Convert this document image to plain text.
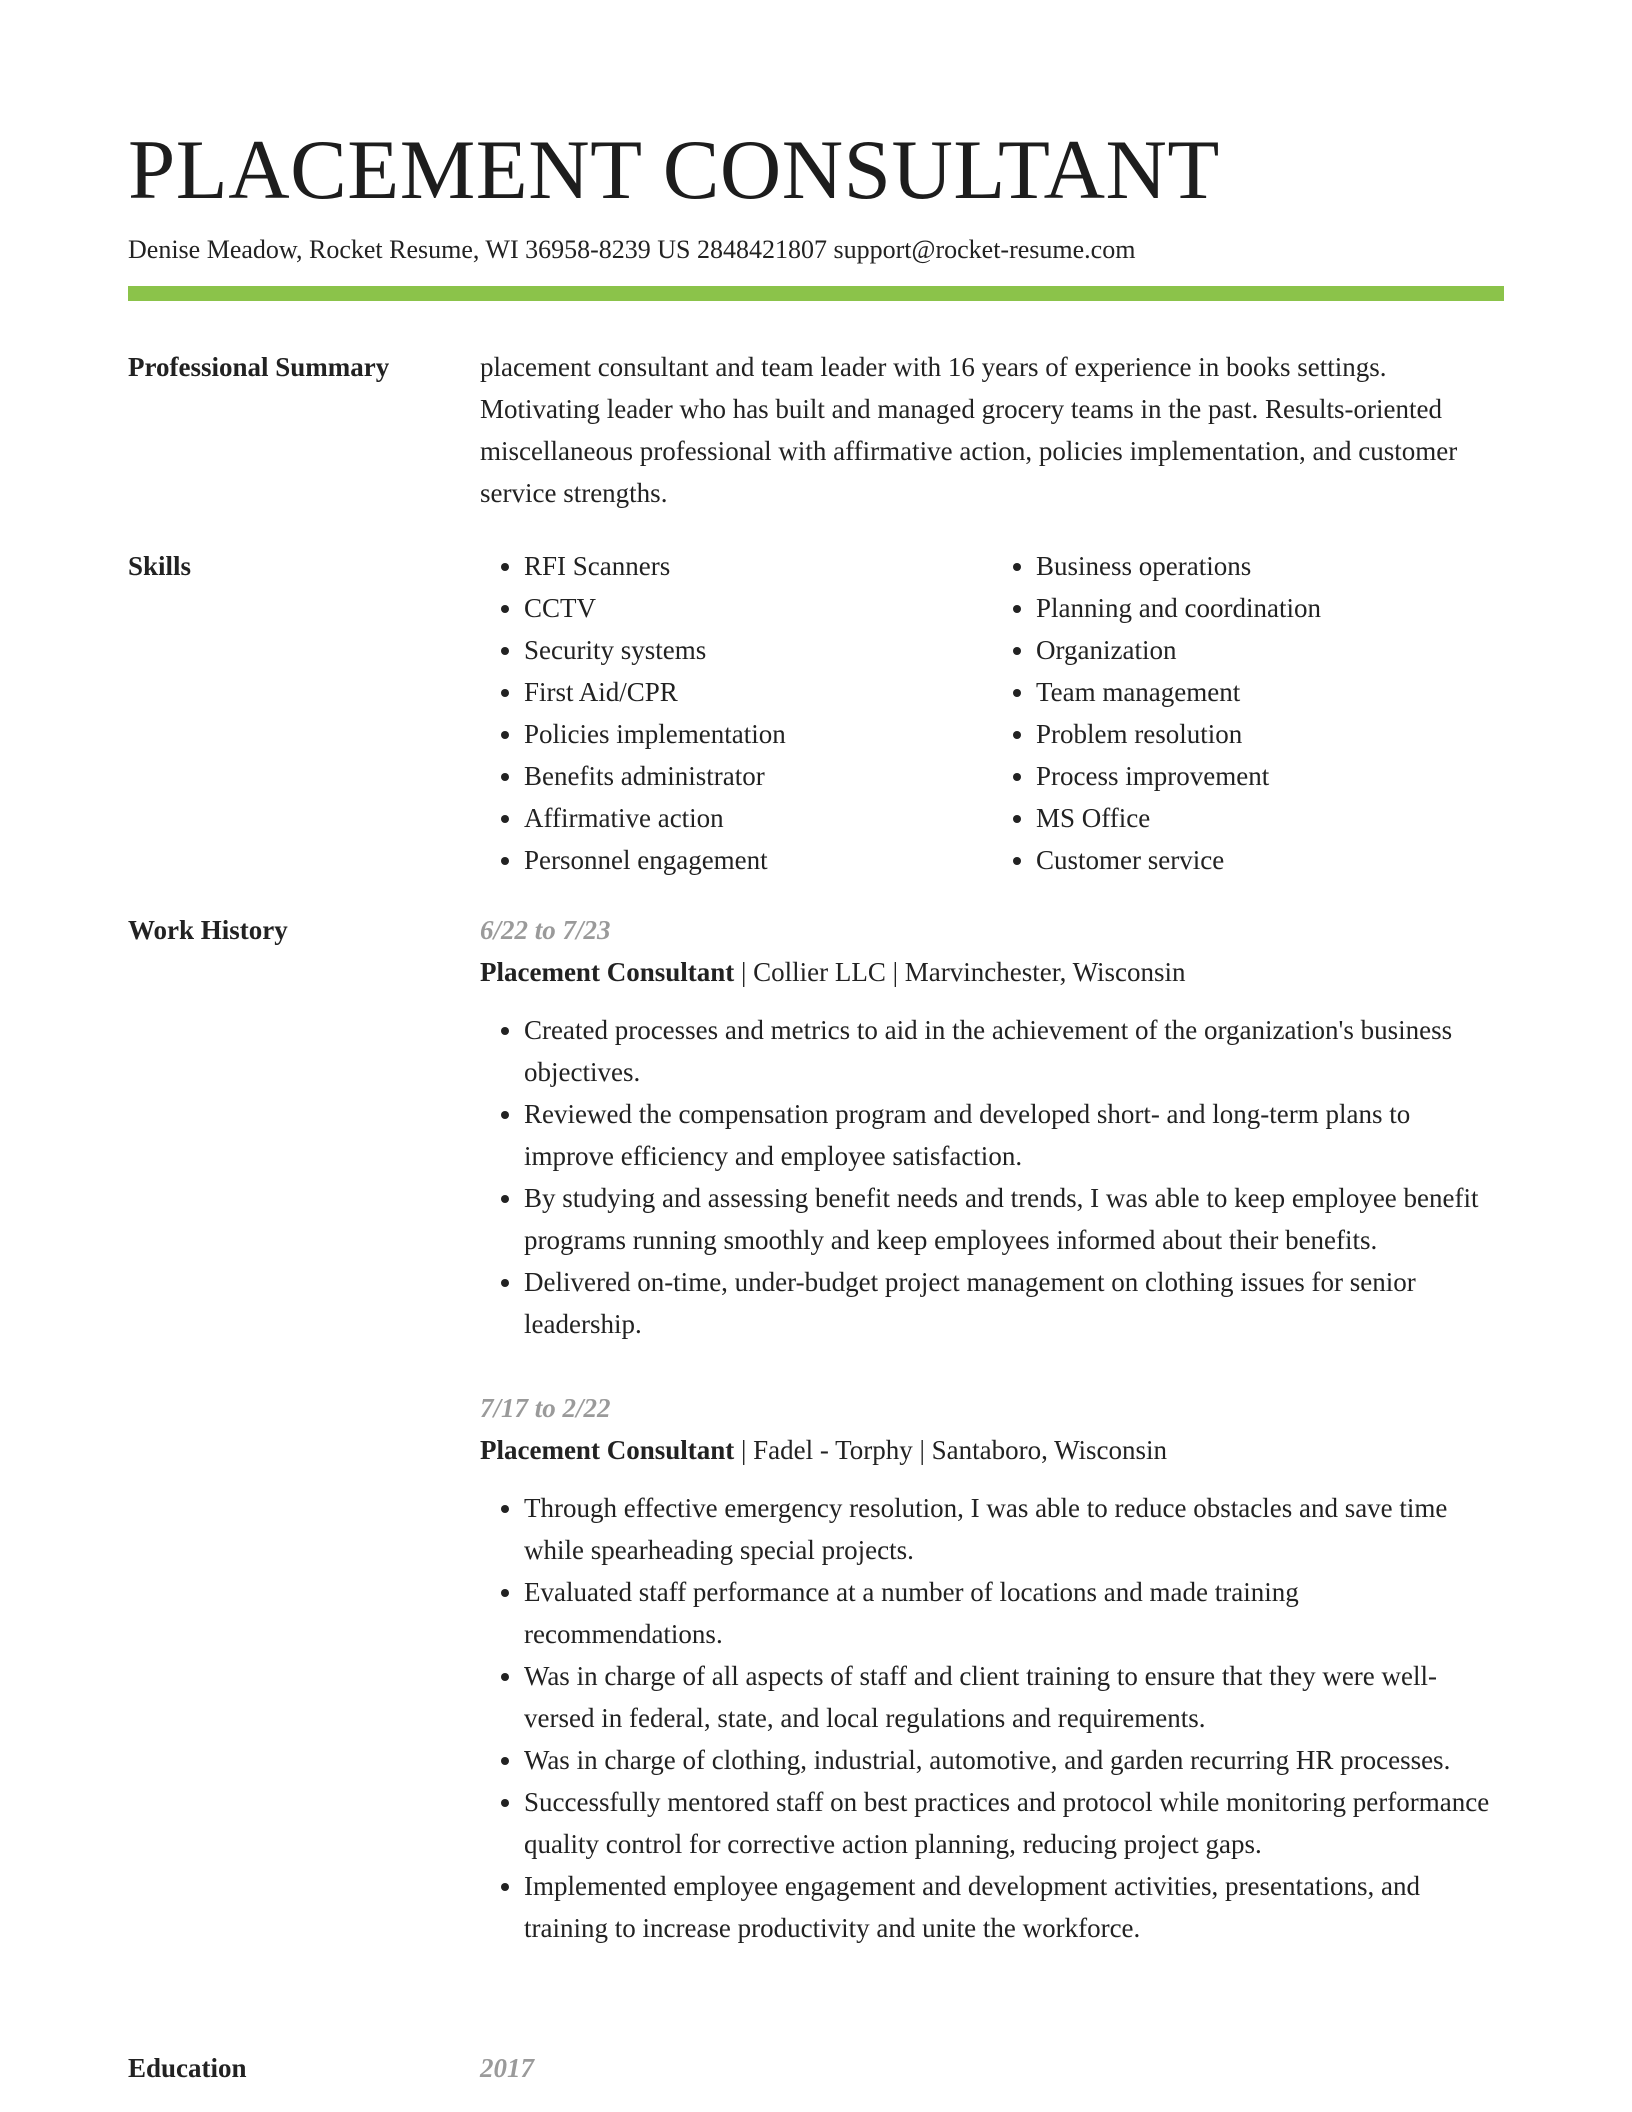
PLACEMENT CONSULTANT
Denise Meadow, Rocket Resume, WI 36958-8239 US 2848421807 support@rocket-resume.com
Professional Summary	placement consultant and team leader with 16 years of experience in books settings. Motivating leader who has built and managed grocery teams in the past. Results-oriented miscellaneous professional with affirmative action, policies implementation, and customer service strengths.

Skills
•	RFI Scanners
• CCTV
• Security systems
• First Aid/CPR
• Policies implementation
• Benefits administrator
• Affirmative action
• Personnel engagement
• Business operations
• Planning and coordination
• Organization
• Team management
• Problem resolution
• Process improvement
• MS Office
• Customer service
Work History	6/22 to 7/23
Placement Consultant | Collier LLC | Marvinchester, Wisconsin
• Created processes and metrics to aid in the achievement of the organization's business objectives.
• Reviewed the compensation program and developed short- and long-term plans to improve efficiency and employee satisfaction.
• By studying and assessing benefit needs and trends, I was able to keep employee benefit programs running smoothly and keep employees informed about their benefits.
• Delivered on-time, under-budget project management on clothing issues for senior leadership.
7/17 to 2/22
Placement Consultant | Fadel - Torphy | Santaboro, Wisconsin
• Through effective emergency resolution, I was able to reduce obstacles and save time while spearheading special projects.
• Evaluated staff performance at a number of locations and made training recommendations.
• Was in charge of all aspects of staff and client training to ensure that they were well-versed in federal, state, and local regulations and requirements.
• Was in charge of clothing, industrial, automotive, and garden recurring HR processes.
• Successfully mentored staff on best practices and protocol while monitoring performance quality control for corrective action planning, reducing project gaps.
• Implemented employee engagement and development activities, presentations, and training to increase productivity and unite the workforce.
Education	2017
